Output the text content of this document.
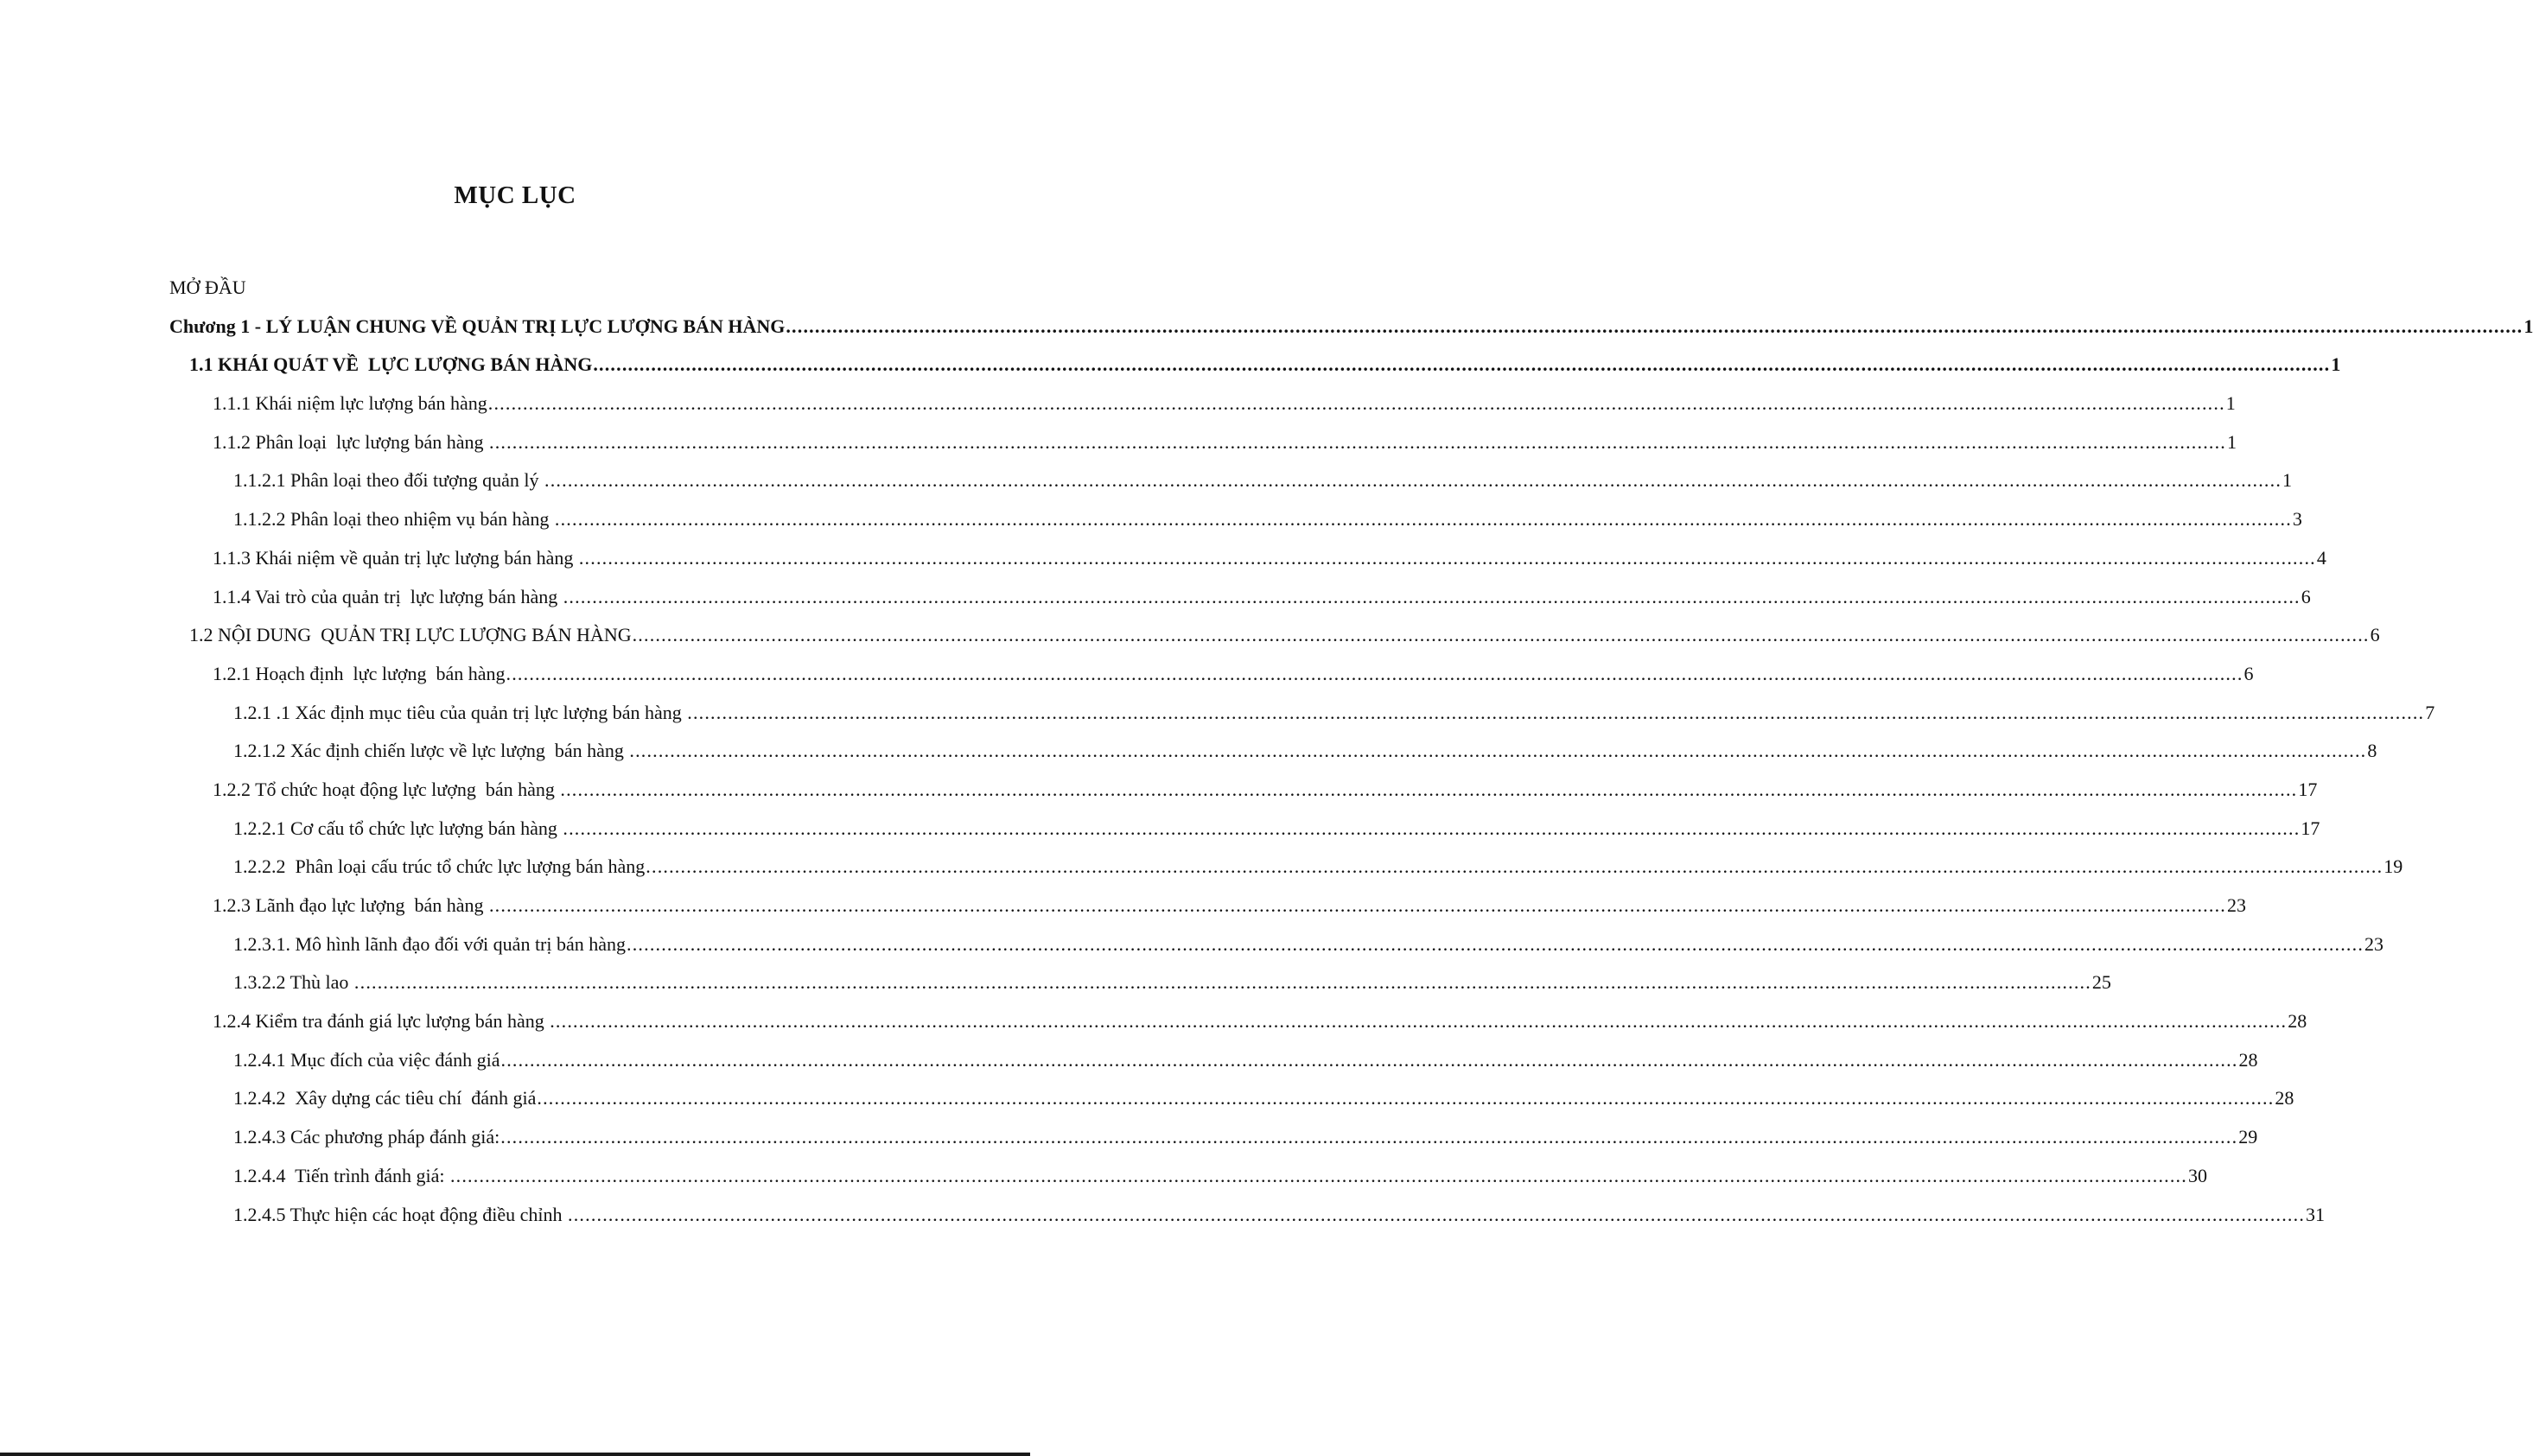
MỤC LỤC
MỞ ĐẦU
Chương 1 - LÝ LUẬN CHUNG VỀ QUẢN TRỊ LỰC LƯỢNG BÁN HÀNG ............................................................................................................................................................................................................................................................................................................ 1
1.1 KHÁI QUÁT VỀ  LỰC LƯỢNG BÁN HÀNG ............................................................................................................................................................................................................................................................................................................ 1
1.1.1 Khái niệm lực lượng bán hàng ............................................................................................................................................................................................................................................................................................................ 1
1.1.2 Phân loại  lực lượng bán hàng ............................................................................................................................................................................................................................................................................................................ 1
1.1.2.1 Phân loại theo đối tượng quản lý ............................................................................................................................................................................................................................................................................................................ 1
1.1.2.2 Phân loại theo nhiệm vụ bán hàng ............................................................................................................................................................................................................................................................................................................ 3
1.1.3 Khái niệm về quản trị lực lượng bán hàng ............................................................................................................................................................................................................................................................................................................ 4
1.1.4 Vai trò của quản trị  lực lượng bán hàng ............................................................................................................................................................................................................................................................................................................ 6
1.2 NỘI DUNG  QUẢN TRỊ LỰC LƯỢNG BÁN HÀNG ............................................................................................................................................................................................................................................................................................................ 6
1.2.1 Hoạch định  lực lượng  bán hàng ............................................................................................................................................................................................................................................................................................................ 6
1.2.1 .1 Xác định mục tiêu của quản trị lực lượng bán hàng ............................................................................................................................................................................................................................................................................................................ 7
1.2.1.2 Xác định chiến lược về lực lượng  bán hàng ............................................................................................................................................................................................................................................................................................................ 8
1.2.2 Tổ chức hoạt động lực lượng  bán hàng ............................................................................................................................................................................................................................................................................................................ 17
1.2.2.1 Cơ cấu tổ chức lực lượng bán hàng ............................................................................................................................................................................................................................................................................................................ 17
1.2.2.2  Phân loại cấu trúc tổ chức lực lượng bán hàng ............................................................................................................................................................................................................................................................................................................ 19
1.2.3 Lãnh đạo lực lượng  bán hàng ............................................................................................................................................................................................................................................................................................................ 23
1.2.3.1. Mô hình lãnh đạo đối với quản trị bán hàng ............................................................................................................................................................................................................................................................................................................ 23
1.3.2.2 Thù lao ............................................................................................................................................................................................................................................................................................................ 25
1.2.4 Kiểm tra đánh giá lực lượng bán hàng ............................................................................................................................................................................................................................................................................................................ 28
1.2.4.1 Mục đích của việc đánh giá ............................................................................................................................................................................................................................................................................................................ 28
1.2.4.2  Xây dựng các tiêu chí  đánh giá ............................................................................................................................................................................................................................................................................................................ 28
1.2.4.3 Các phương pháp đánh giá: ............................................................................................................................................................................................................................................................................................................ 29
1.2.4.4  Tiến trình đánh giá: ............................................................................................................................................................................................................................................................................................................ 30
1.2.4.5 Thực hiện các hoạt động điều chỉnh ............................................................................................................................................................................................................................................................................................................ 31
